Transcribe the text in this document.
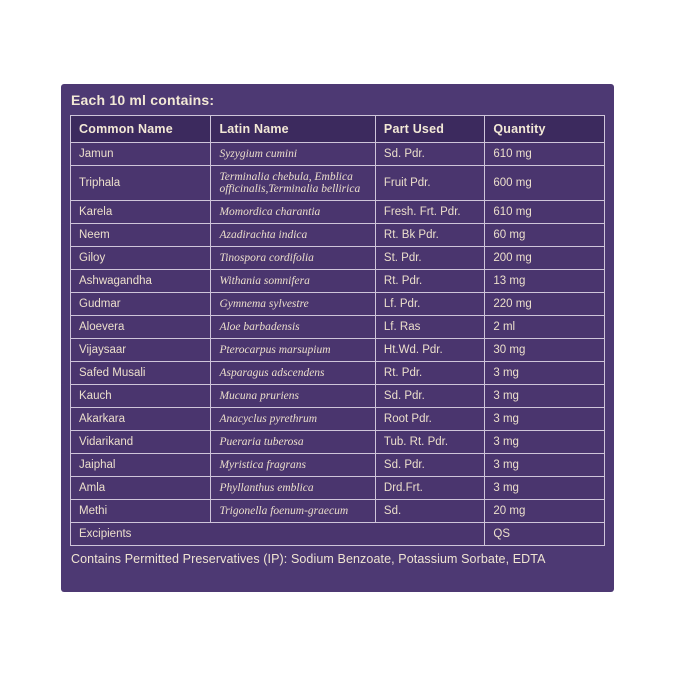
Each 10 ml contains:
Common Name	Latin Name	Part Used	Quantity
Jamun	Syzygium cumini	Sd. Pdr.	610 mg
Triphala	Terminalia chebula, Emblica officinalis,Terminalia bellirica	Fruit Pdr.	600 mg
Karela	Momordica charantia	Fresh. Frt. Pdr.	610 mg
Neem	Azadirachta indica	Rt. Bk Pdr.	60 mg
Giloy	Tinospora cordifolia	St. Pdr.	200 mg
Ashwagandha	Withania somnifera	Rt. Pdr.	13 mg
Gudmar	Gymnema sylvestre	Lf. Pdr.	220 mg
Aloevera	Aloe barbadensis	Lf. Ras	2 ml
Vijaysaar	Pterocarpus marsupium	Ht.Wd. Pdr.	30 mg
Safed Musali	Asparagus adscendens	Rt. Pdr.	3 mg
Kauch	Mucuna pruriens	Sd. Pdr.	3 mg
Akarkara	Anacyclus pyrethrum	Root Pdr.	3 mg
Vidarikand	Pueraria tuberosa	Tub. Rt. Pdr.	3 mg
Jaiphal	Myristica fragrans	Sd. Pdr.	3 mg
Amla	Phyllanthus emblica	Drd.Frt.	3 mg
Methi	Trigonella foenum-graecum	Sd.	20 mg
Excipients			QS
Contains Permitted Preservatives (IP): Sodium Benzoate, Potassium Sorbate, EDTA
